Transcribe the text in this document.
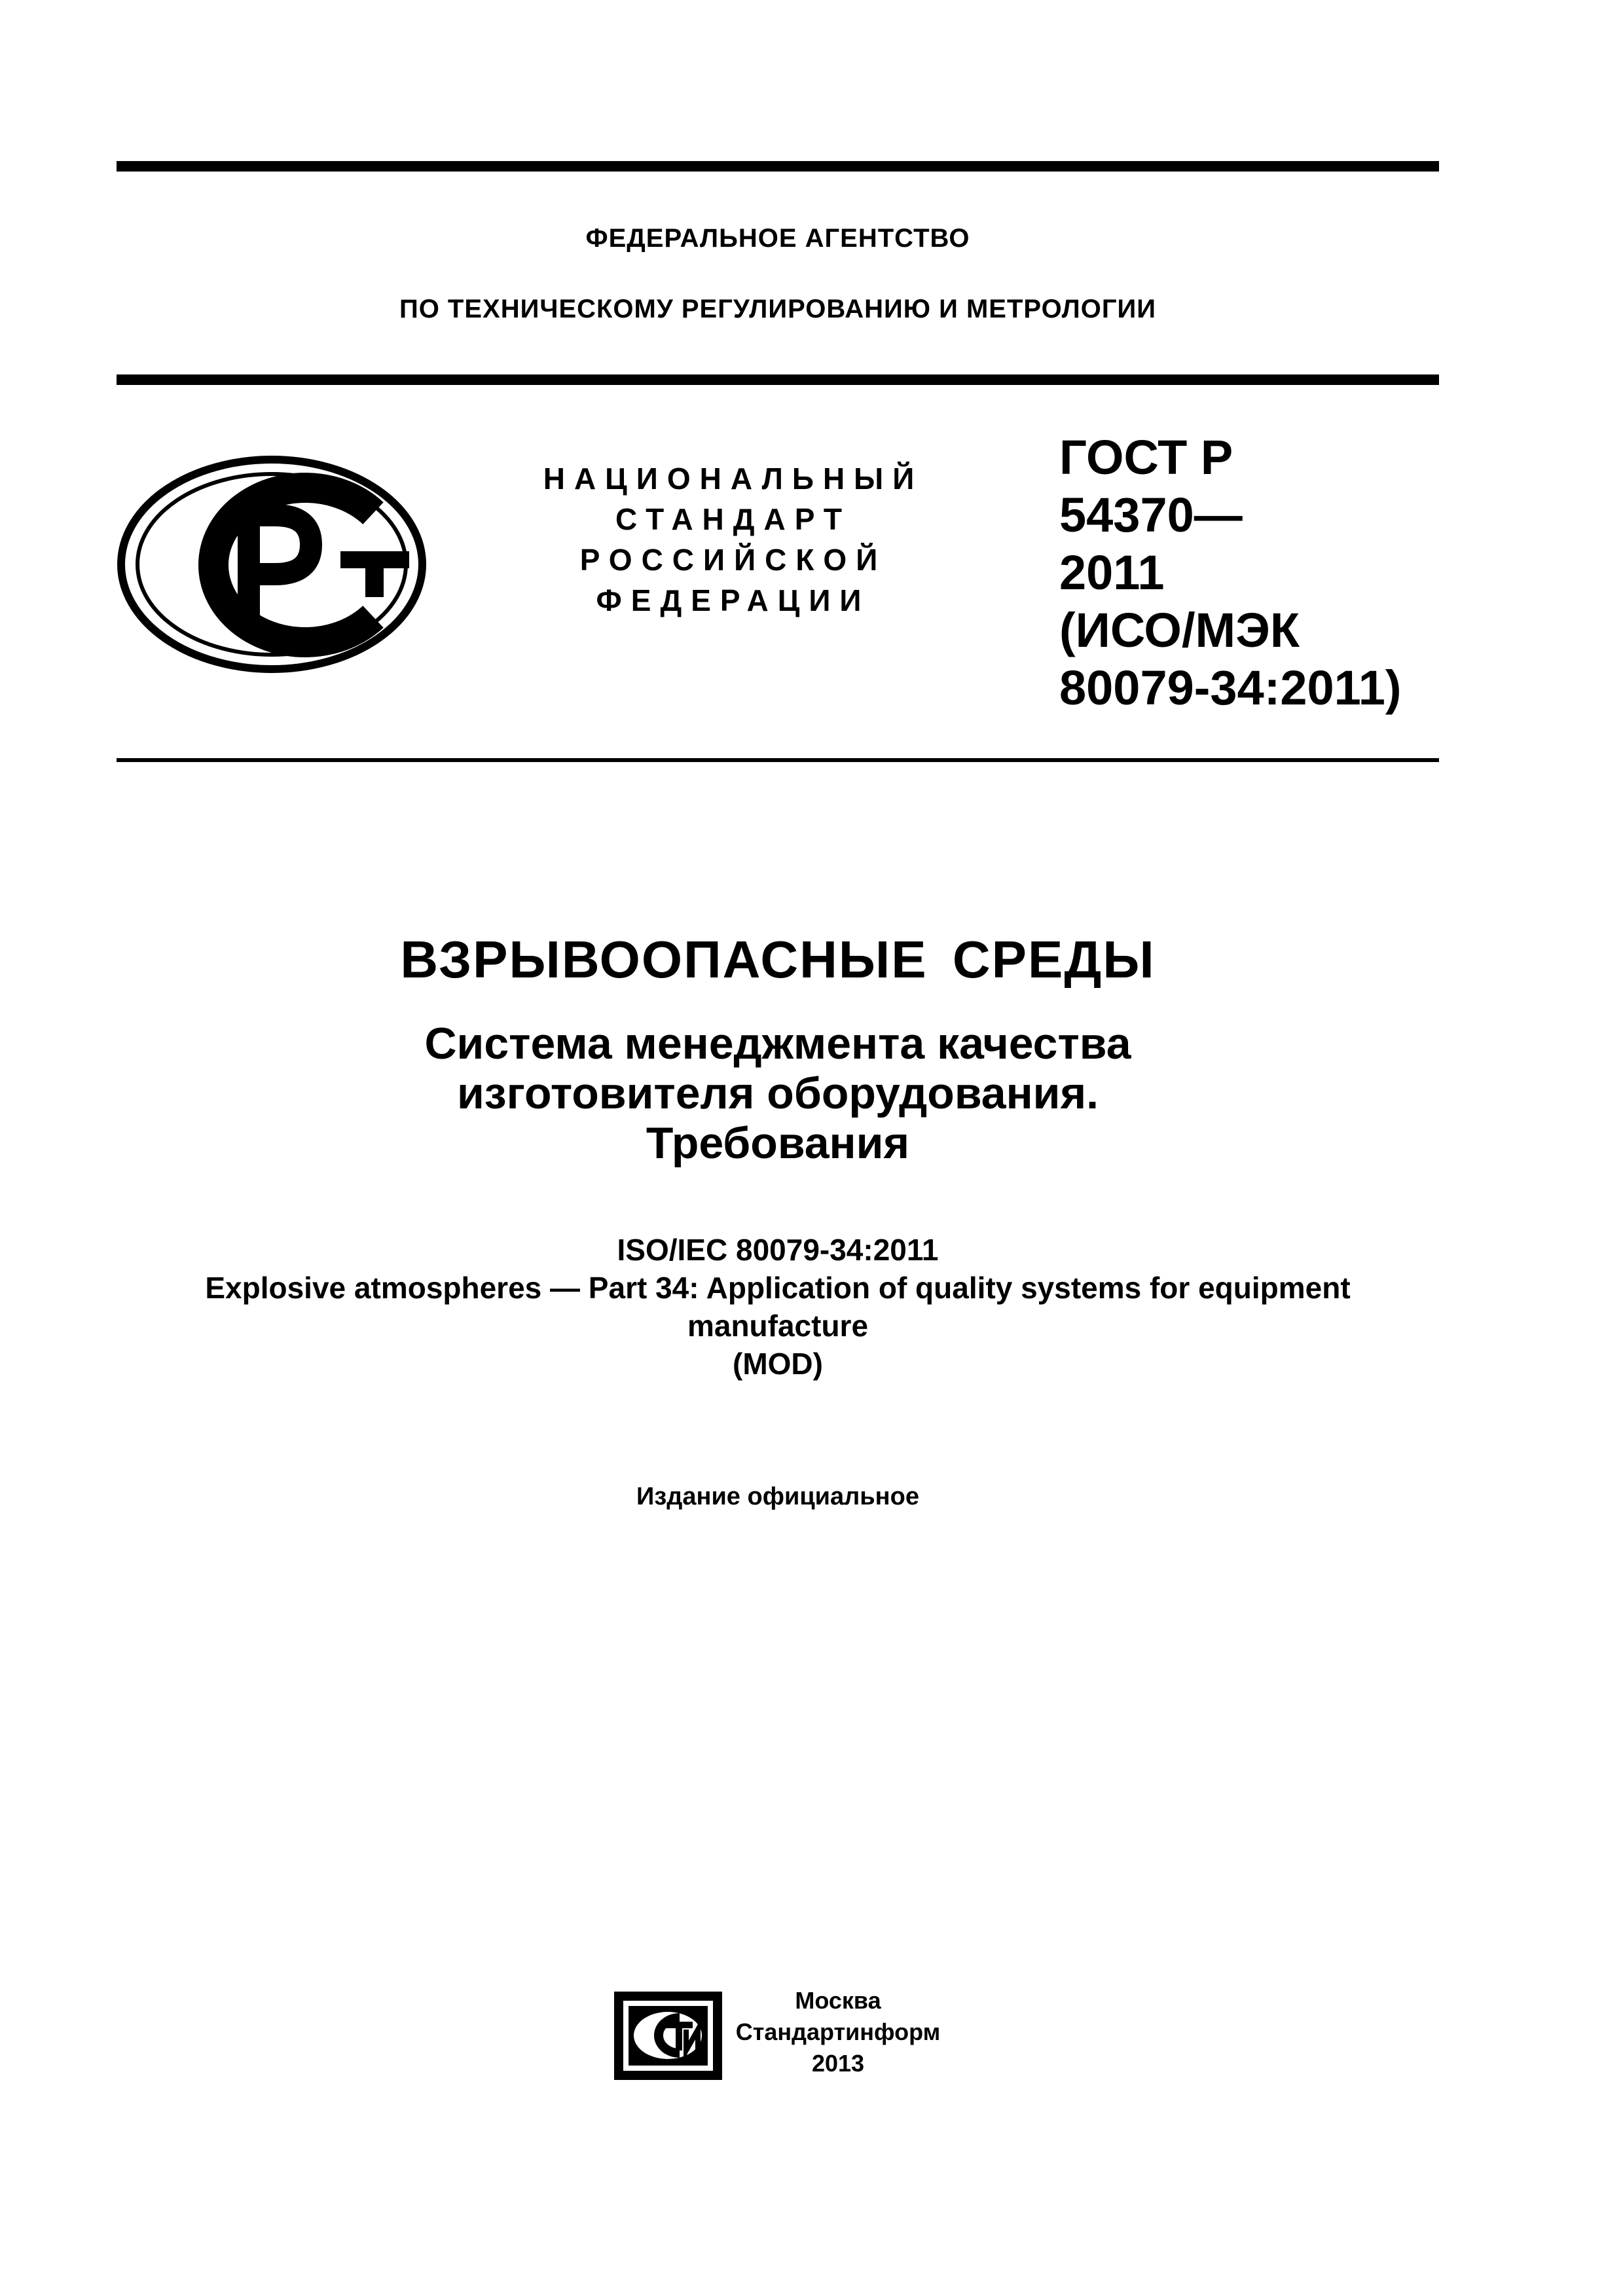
ФЕДЕРАЛЬНОЕ АГЕНТСТВО
ПО ТЕХНИЧЕСКОМУ РЕГУЛИРОВАНИЮ И МЕТРОЛОГИИ
НАЦИОНАЛЬНЫЙ
СТАНДАРТ
РОССИЙСКОЙ
ФЕДЕРАЦИИ
ГОСТ Р
54370—
2011
(ИСО/МЭК
80079-34:2011)
ВЗРЫВООПАСНЫЕ СРЕДЫ
Система менеджмента качества
изготовителя оборудования.
Требования
ISO/IEC 80079-34:2011
Explosive atmospheres — Part 34: Application of quality systems for equipment
manufacture
(MOD)
Издание официальное
Москва
Стандартинформ
2013
